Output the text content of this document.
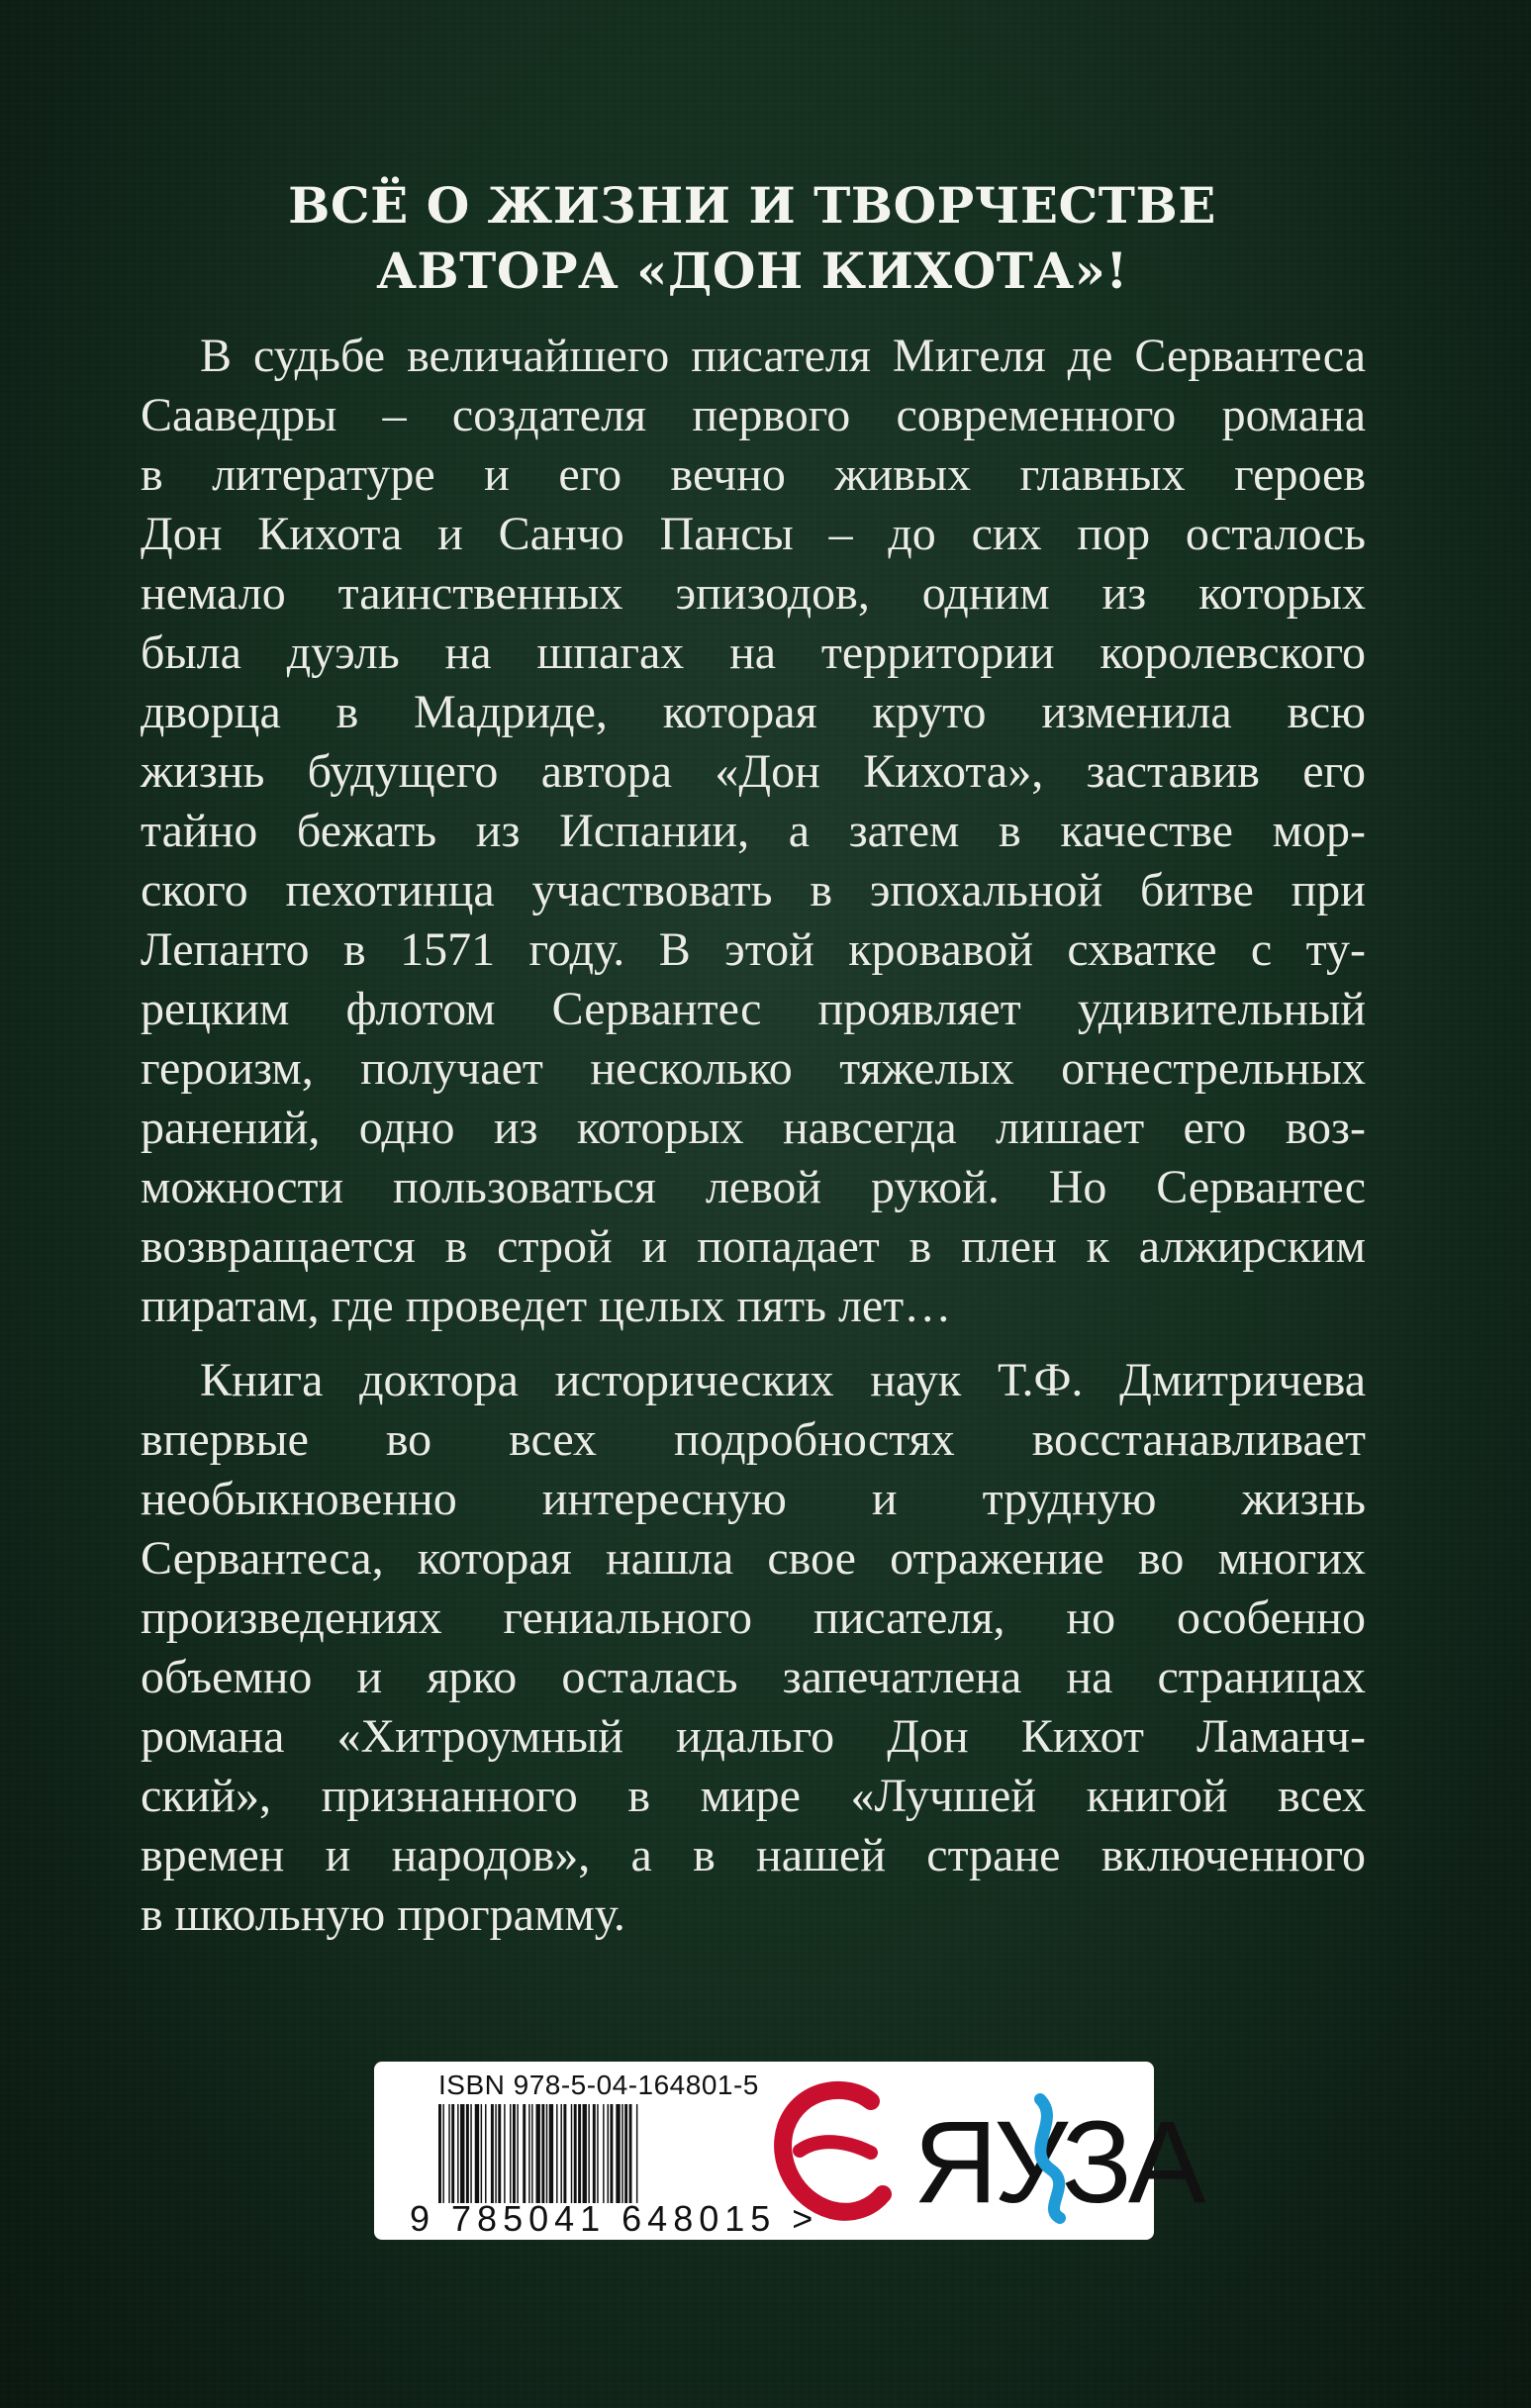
ВСЁ О ЖИЗНИ И ТВОРЧЕСТВЕ
АВТОРА «ДОН КИХОТА»!
В судьбе величайшего писателя Мигеля де Сервантеса
Сааведры – создателя первого современного романа
в литературе и его вечно живых главных героев
Дон Кихота и Санчо Пансы – до сих пор осталось
немало таинственных эпизодов, одним из которых
была дуэль на шпагах на территории королевского
дворца в Мадриде, которая круто изменила всю
жизнь будущего автора «Дон Кихота», заставив его
тайно бежать из Испании, а затем в качестве мор-
ского пехотинца участвовать в эпохальной битве при
Лепанто в 1571 году. В этой кровавой схватке с ту-
рецким флотом Сервантес проявляет удивительный
героизм, получает несколько тяжелых огнестрельных
ранений, одно из которых навсегда лишает его воз-
можности пользоваться левой рукой. Но Сервантес
возвращается в строй и попадает в плен к алжирским
пиратам, где проведет целых пять лет…
Книга доктора исторических наук Т.Ф. Дмитричева
впервые во всех подробностях восстанавливает
необыкновенно интересную и трудную жизнь
Сервантеса, которая нашла свое отражение во многих
произведениях гениального писателя, но особенно
объемно и ярко осталась запечатлена на страницах
романа «Хитроумный идальго Дон Кихот Ламанч-
ский», признанного в мире «Лучшей книгой всех
времен и народов», а в нашей стране включенного
в школьную программу.
ISBN 978-5-04-164801-5
9 785041 648015 > ЯУЗА
